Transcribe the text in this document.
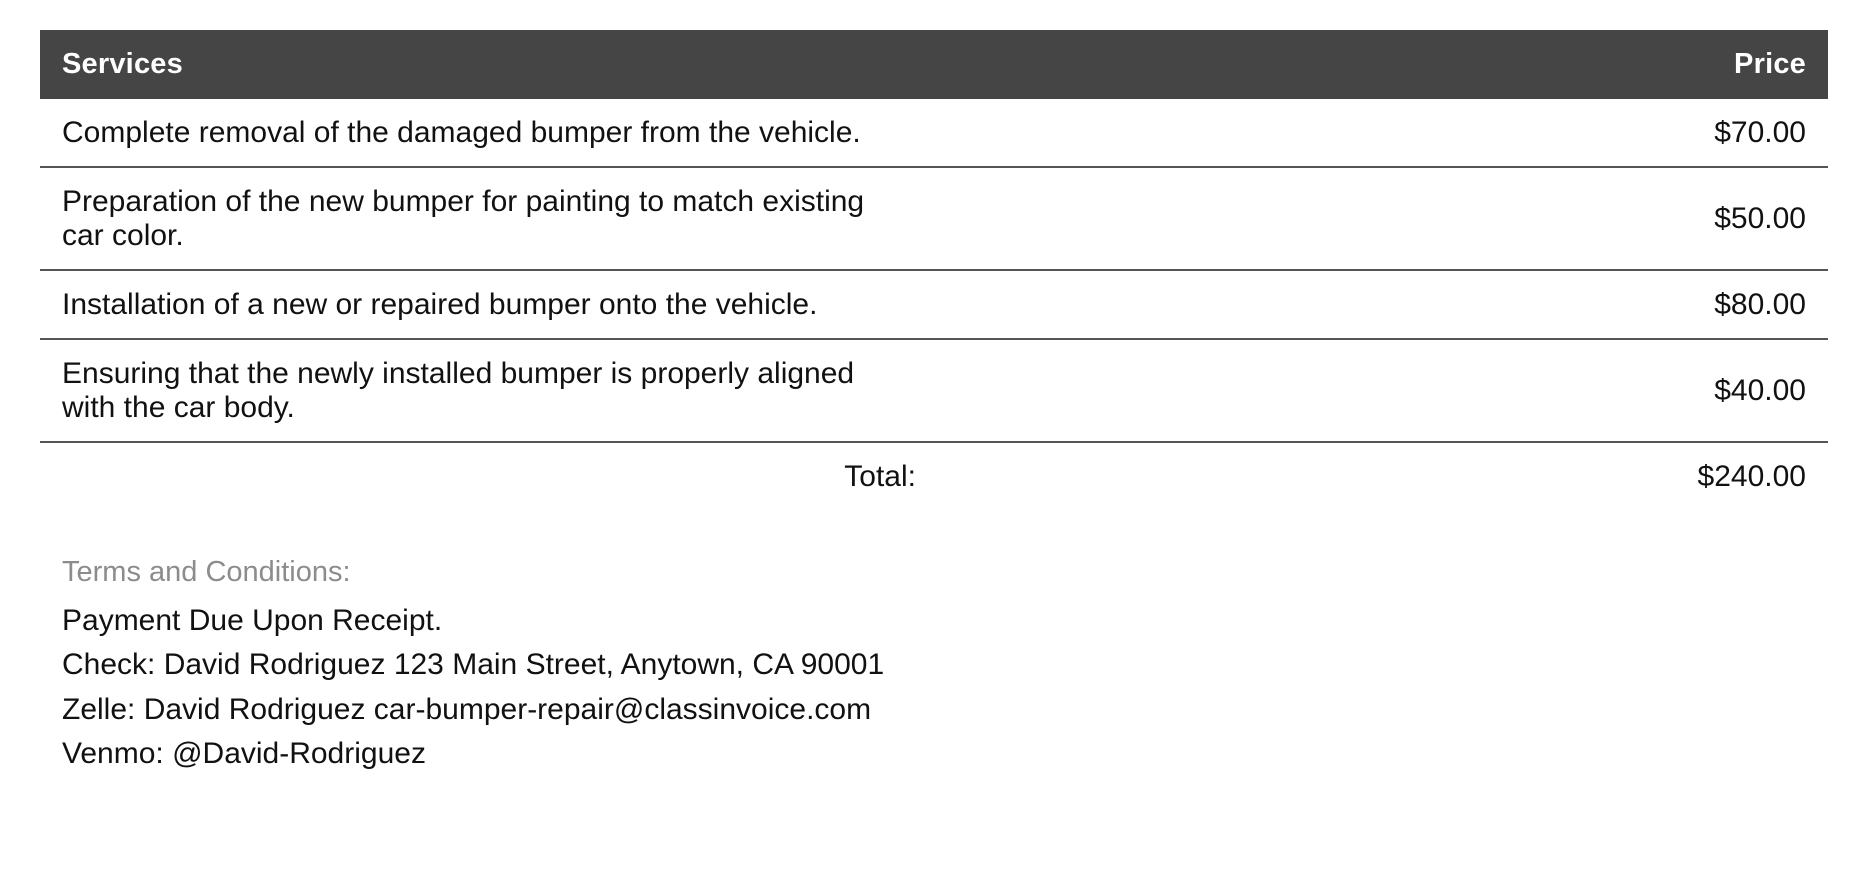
Services	Price
Complete removal of the damaged bumper from the vehicle.	$70.00
Preparation of the new bumper for painting to match existing car color.	$50.00
Installation of a new or repaired bumper onto the vehicle.	$80.00
Ensuring that the newly installed bumper is properly aligned with the car body.	$40.00
Total:	$240.00
Terms and Conditions:
Payment Due Upon Receipt.
Check: David Rodriguez 123 Main Street, Anytown, CA 90001
Zelle: David Rodriguez car-bumper-repair@classinvoice.com
Venmo: @David-Rodriguez
